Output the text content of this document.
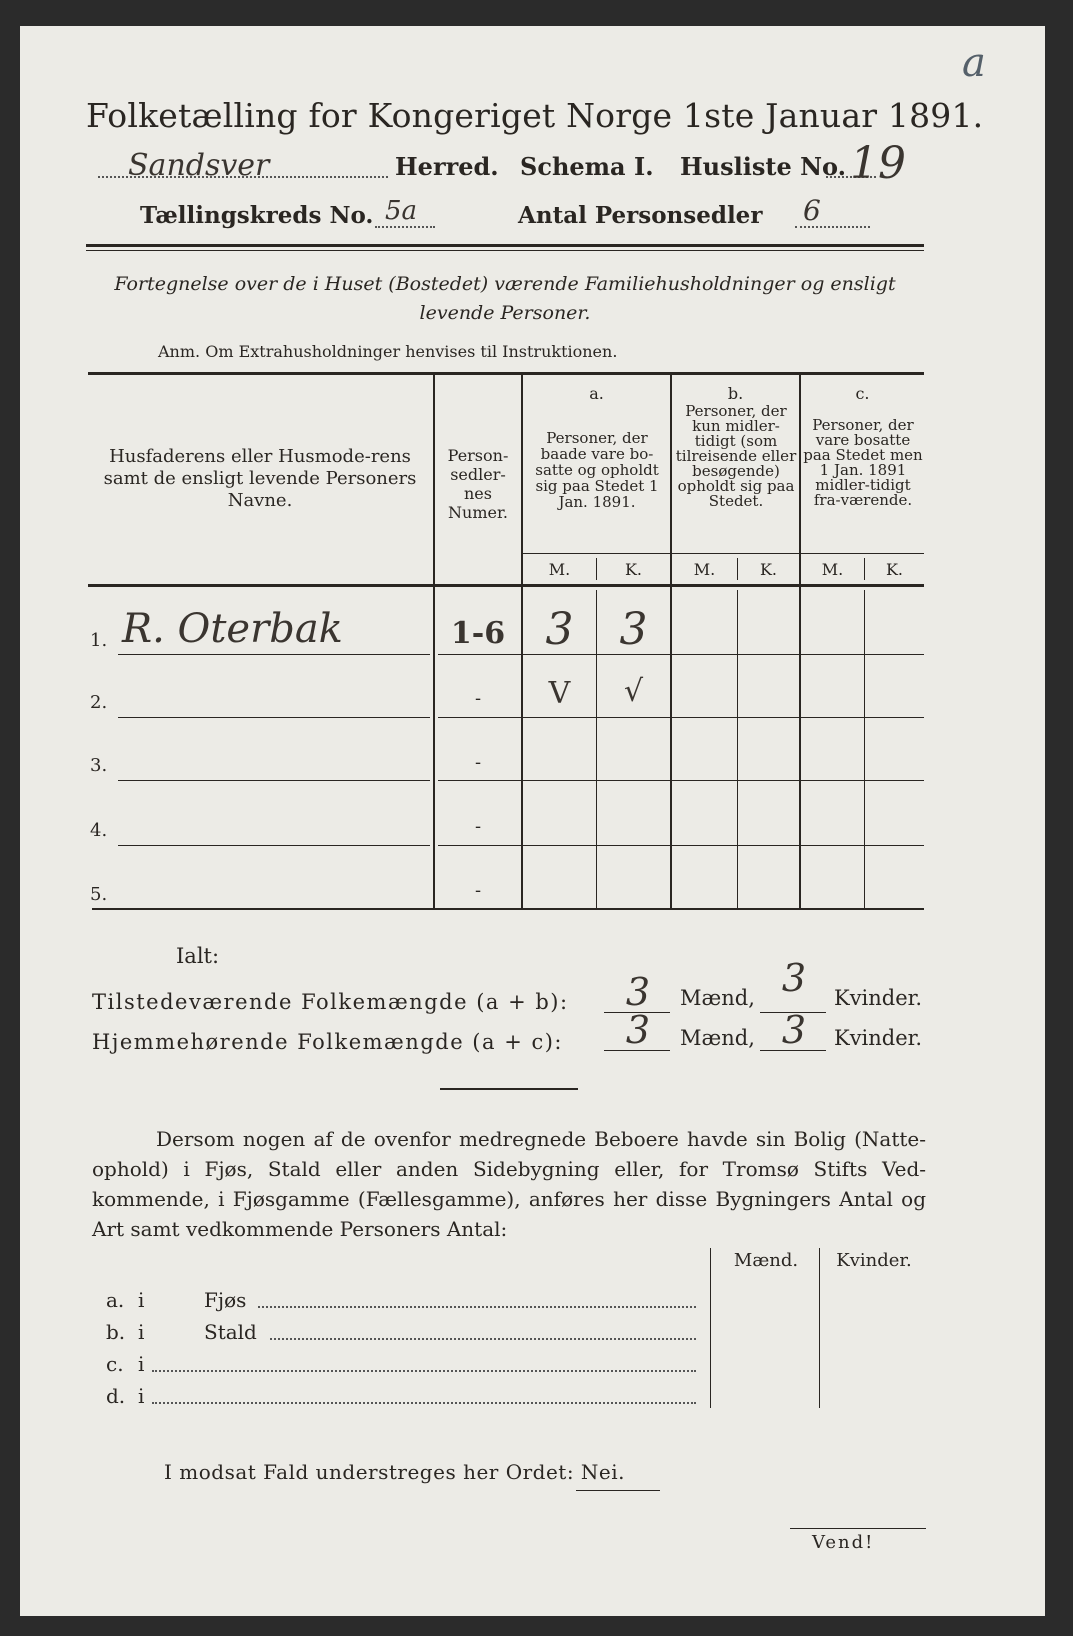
a
Folketælling for Kongeriget Norge 1ste Januar 1891.
Sandsver	Herred. Schema I. Husliste No. 19
Tællingskreds No. 5a	Antal Personsedler 6
Fortegnelse over de i Huset (Bostedet) værende Familiehusholdninger og ensligt
levende Personer.
Anm. Om Extrahusholdninger henvises til Instruktionen.
Husfaderens eller Husmode-rens samt de ensligt levende Personers Navne.
Person-sedler-nes Numer.
a.
Personer, der baade vare bo-satte og opholdt sig paa Stedet 1 Jan. 1891.
b.
Personer, der kun midler-tidigt (som tilreisende eller besøgende) opholdt sig paa Stedet.
c.
Personer, der vare bosatte paa Stedet men 1 Jan. 1891 midler-tidigt fra-værende.
M.	K.	M.	K.	M.	K.
1. R. Oterbak	1-6 3	3
2.	-	V	√
3.	-
4.	-
5.	-
Ialt:
Tilstedeværende Folkemængde (a + b):	3	Mænd, 3	Kvinder.
Hjemmehørende Folkemængde (a + c):	3	Mænd, 3	Kvinder.
Dersom nogen af de ovenfor medregnede Beboere havde sin Bolig (Natte-ophold) i Fjøs, Stald eller anden Sidebygning eller, for Tromsø Stifts Ved-kommende, i Fjøsgamme (Fællesgamme), anføres her disse Bygningers Antal og Art samt vedkommende Personers Antal:
Mænd.	Kvinder.
a. i	Fjøs
b. i	Stald
c. i
d. i
I modsat Fald understreges her Ordet: Nei.
Vend!
